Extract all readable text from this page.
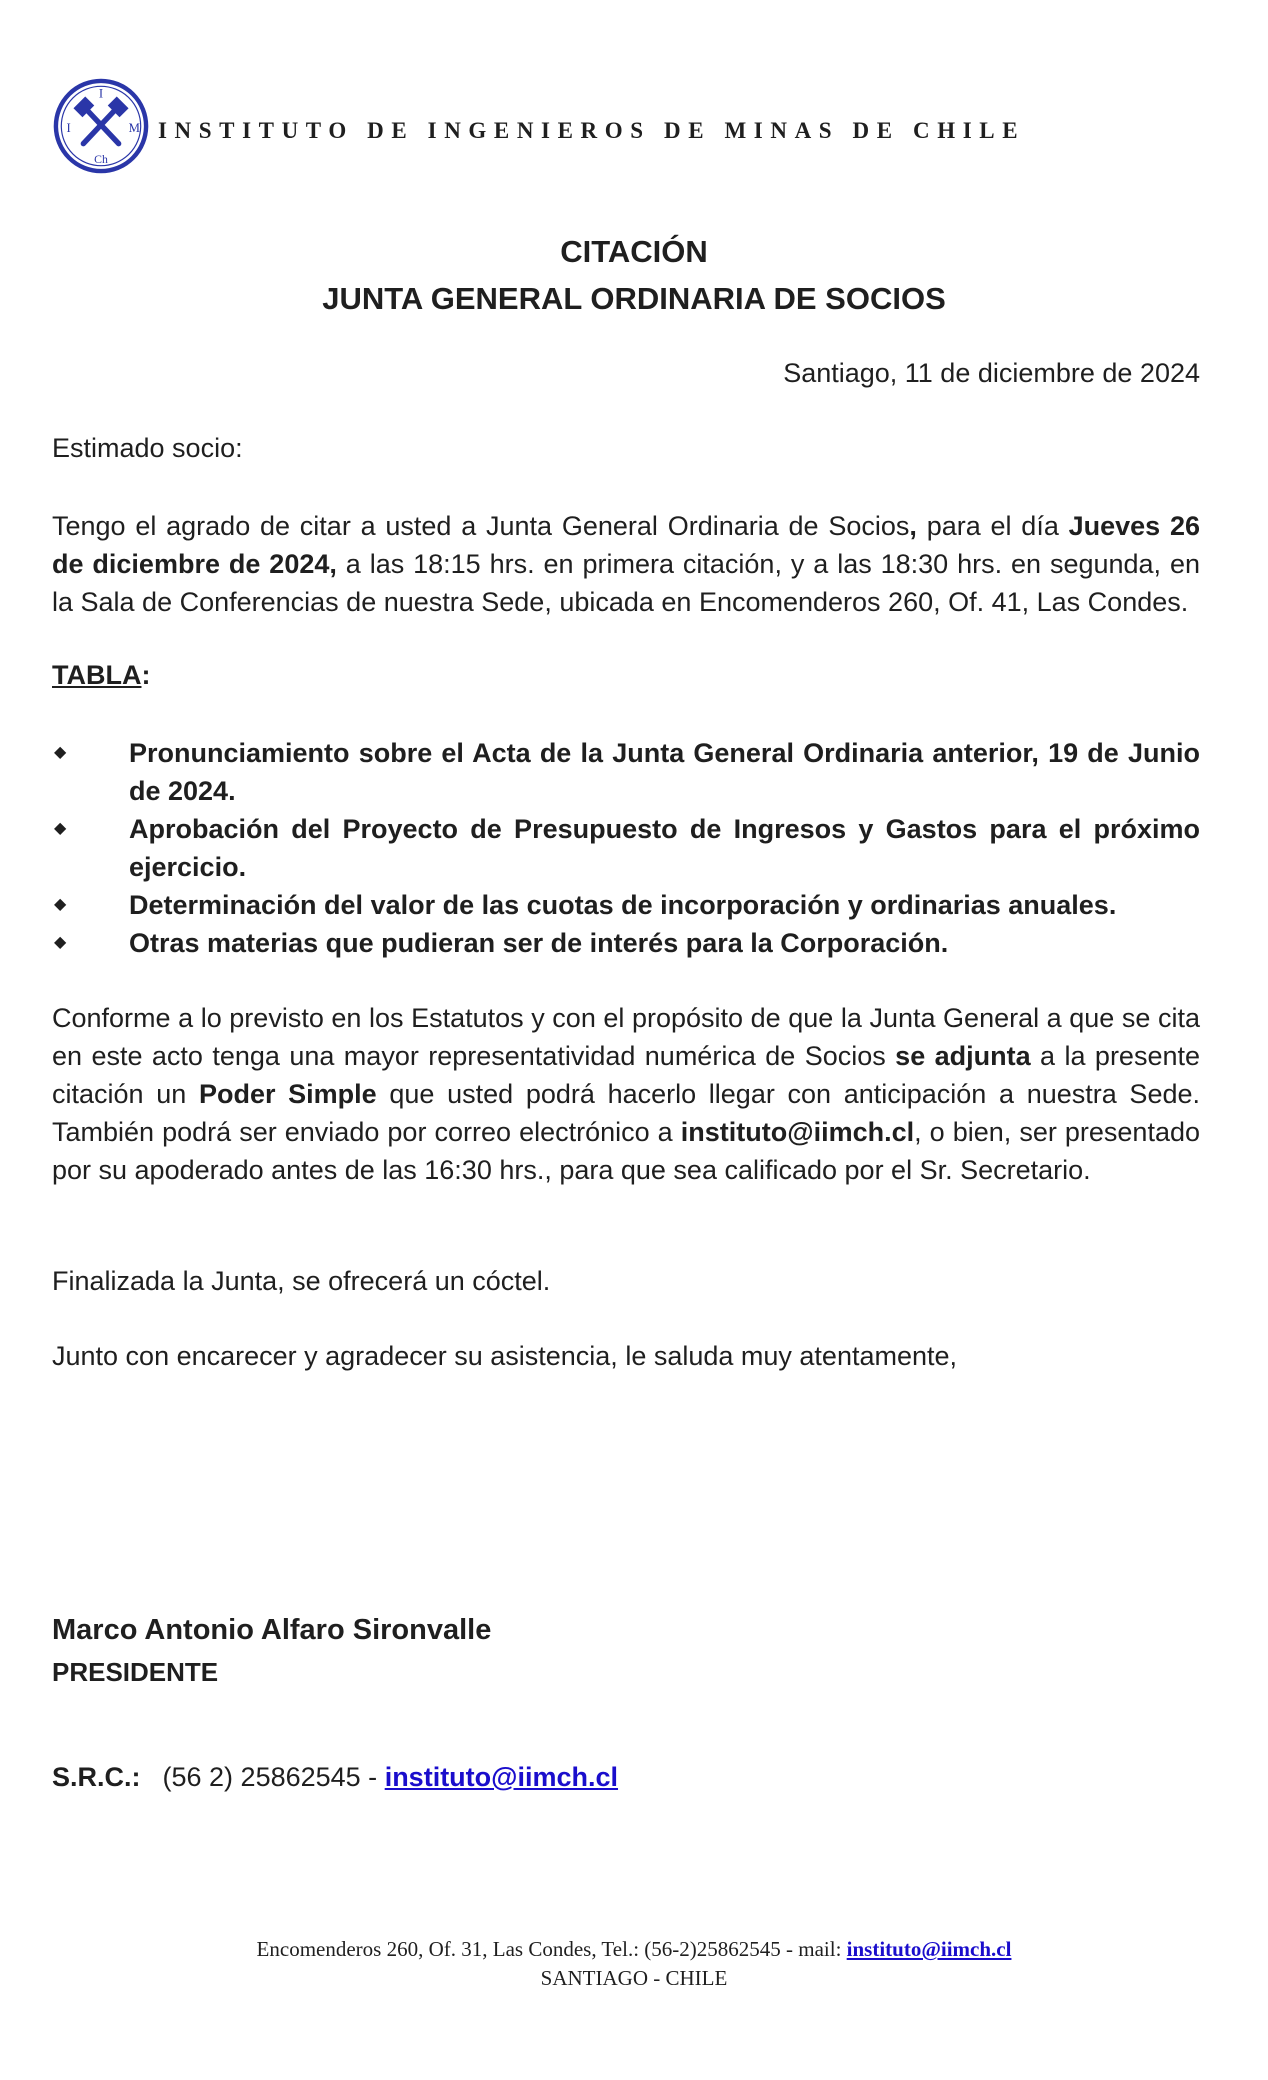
I
I	M
Ch
INSTITUTO DE INGENIEROS DE MINAS DE CHILE
CITACIÓN
JUNTA GENERAL ORDINARIA DE SOCIOS
Santiago, 11 de diciembre de 2024
Estimado socio:
Tengo el agrado de citar a usted a Junta General Ordinaria de Socios, para el día Jueves 26 de diciembre de 2024, a las 18:15 hrs. en primera citación, y a las 18:30 hrs. en segunda, en la Sala de Conferencias de nuestra Sede, ubicada en Encomenderos 260, Of. 41, Las Condes.
TABLA:
◆ Pronunciamiento sobre el Acta de la Junta General Ordinaria anterior, 19 de Junio de 2024.
◆ Aprobación del Proyecto de Presupuesto de Ingresos y Gastos para el próximo ejercicio.
◆ Determinación del valor de las cuotas de incorporación y ordinarias anuales.
◆ Otras materias que pudieran ser de interés para la Corporación.
Conforme a lo previsto en los Estatutos y con el propósito de que la Junta General a que se cita en este acto tenga una mayor representatividad numérica de Socios se adjunta a la presente citación un Poder Simple que usted podrá hacerlo llegar con anticipación a nuestra Sede. También podrá ser enviado por correo electrónico a instituto@iimch.cl, o bien, ser presentado por su apoderado antes de las 16:30 hrs., para que sea calificado por el Sr. Secretario.
Finalizada la Junta, se ofrecerá un cóctel.
Junto con encarecer y agradecer su asistencia, le saluda muy atentamente,
Marco Antonio Alfaro Sironvalle
PRESIDENTE
S.R.C.: (56 2) 25862545 - instituto@iimch.cl
Encomenderos 260, Of. 31, Las Condes, Tel.: (56-2)25862545 - mail: instituto@iimch.cl
SANTIAGO - CHILE
